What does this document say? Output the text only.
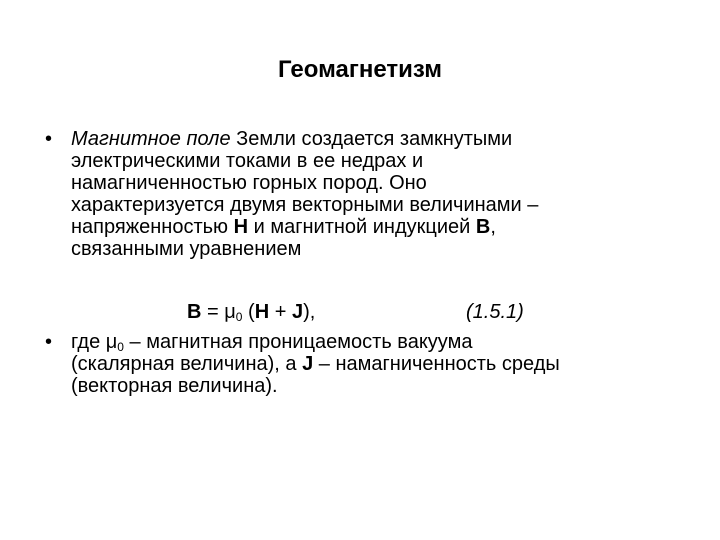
Геомагнетизм
• Магнитное поле Земли создается замкнутыми
электрическими токами в ее недрах и
намагниченностью горных пород. Оно
характеризуется двумя векторными величинами –
напряженностью H и магнитной индукцией B,
связанными уравнением
$B = \mu_0$ (H + J),	(1.5.1)
• где $\mu_0$ – магнитная проницаемость вакуума
(скалярная величина), а J – намагниченность среды
(векторная величина).
